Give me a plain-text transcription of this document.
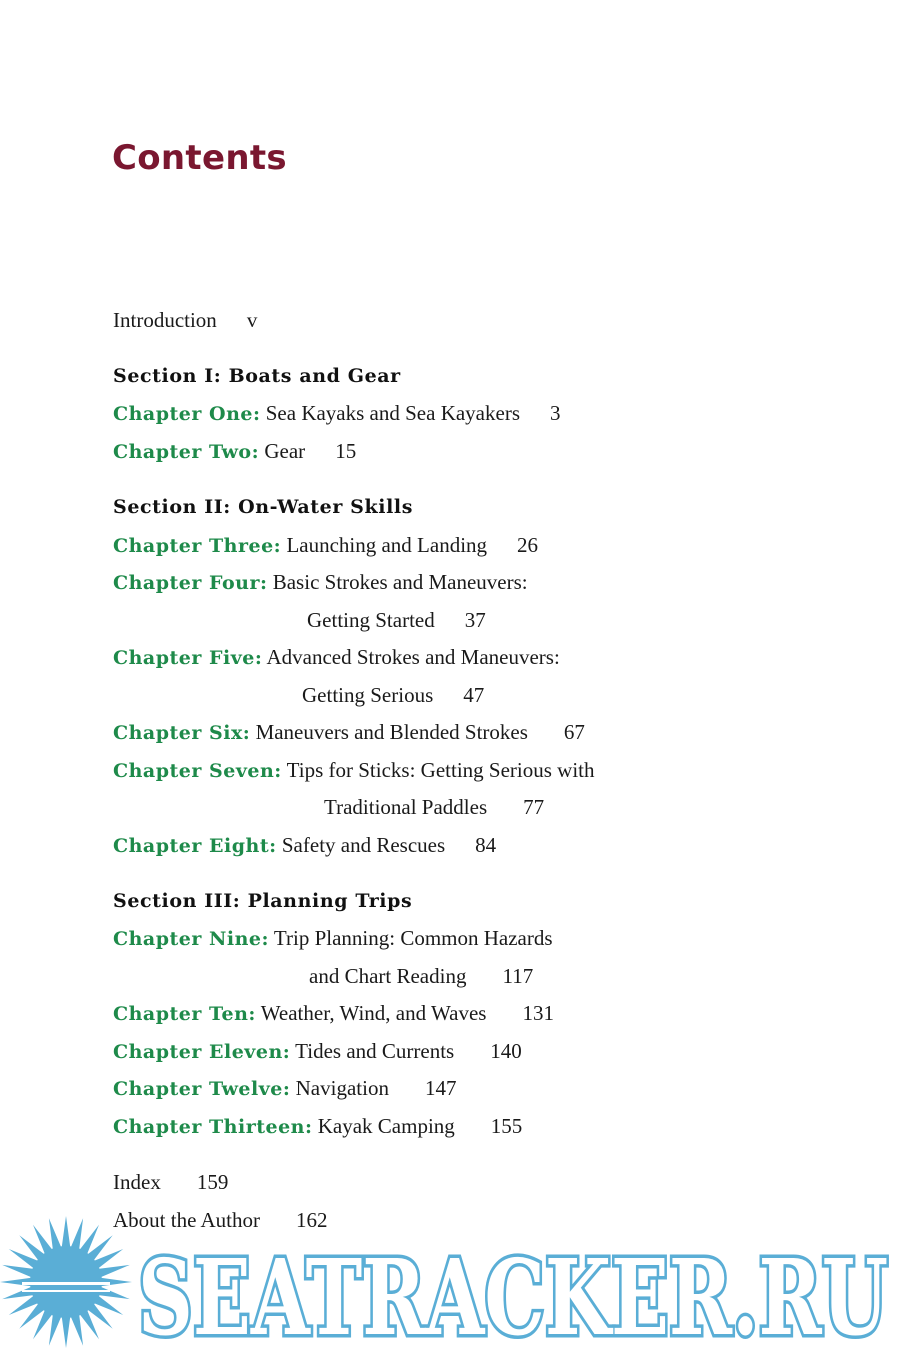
Contents
Introduction v
Section I: Boats and Gear
Chapter One: Sea Kayaks and Sea Kayakers 3
Chapter Two: Gear 15
Section II: On-Water Skills
Chapter Three: Launching and Landing 26
Chapter Four: Basic Strokes and Maneuvers:
Getting Started 37
Chapter Five: Advanced Strokes and Maneuvers:
Getting Serious 47
Chapter Six: Maneuvers and Blended Strokes 67
Chapter Seven: Tips for Sticks: Getting Serious with
Traditional Paddles 77
Chapter Eight: Safety and Rescues 84
Section III: Planning Trips
Chapter Nine: Trip Planning: Common Hazards
and Chart Reading 117
Chapter Ten: Weather, Wind, and Waves 131
Chapter Eleven: Tides and Currents 140
Chapter Twelve: Navigation 147
Chapter Thirteen: Kayak Camping 155
Index 159
About the Author 162
SEATRACKER.RU
